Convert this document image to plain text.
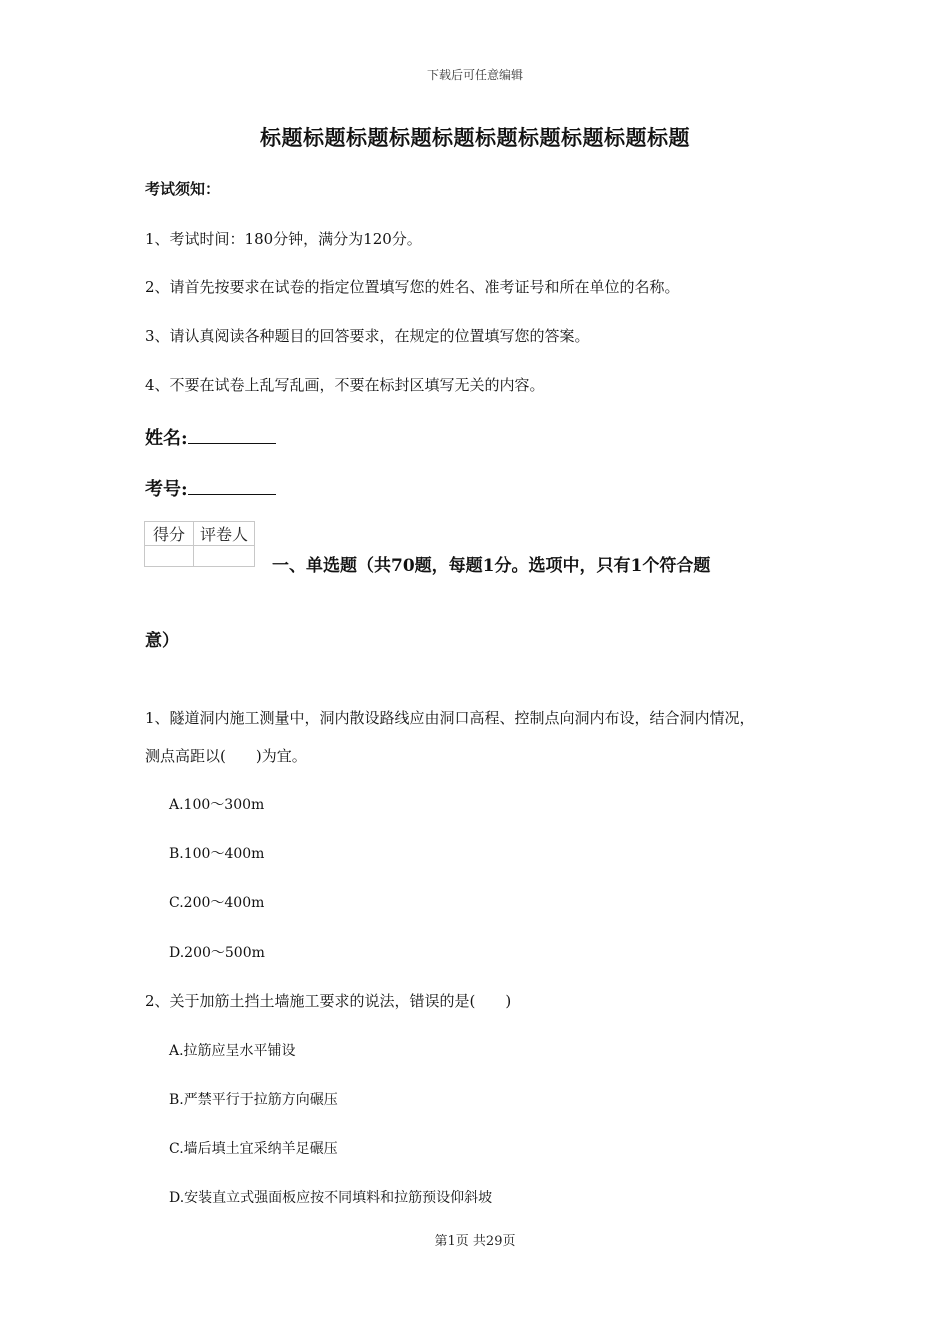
下载后可任意编辑
标题标题标题标题标题标题标题标题标题标题
考试须知：
1、考试时间：180分钟，满分为120分。
2、请首先按要求在试卷的指定位置填写您的姓名、准考证号和所在单位的名称。
3、请认真阅读各种题目的回答要求，在规定的位置填写您的答案。
4、不要在试卷上乱写乱画，不要在标封区填写无关的内容。
姓名:
考号:
得分	评卷人

一、单选题（共70题，每题1分。选项中，只有1个符合题
意）
1、隧道洞内施工测量中，洞内散设路线应由洞口高程、控制点向洞内布设，结合洞内情况，
测点高距以(　　)为宜。
A.100～300m
B.100～400m
C.200～400m
D.200～500m
2、关于加筋土挡土墙施工要求的说法，错误的是(　　)
A.拉筋应呈水平铺设
B.严禁平行于拉筋方向碾压
C.墙后填土宜采纳羊足碾压
D.安装直立式强面板应按不同填料和拉筋预设仰斜坡
第1页 共29页
